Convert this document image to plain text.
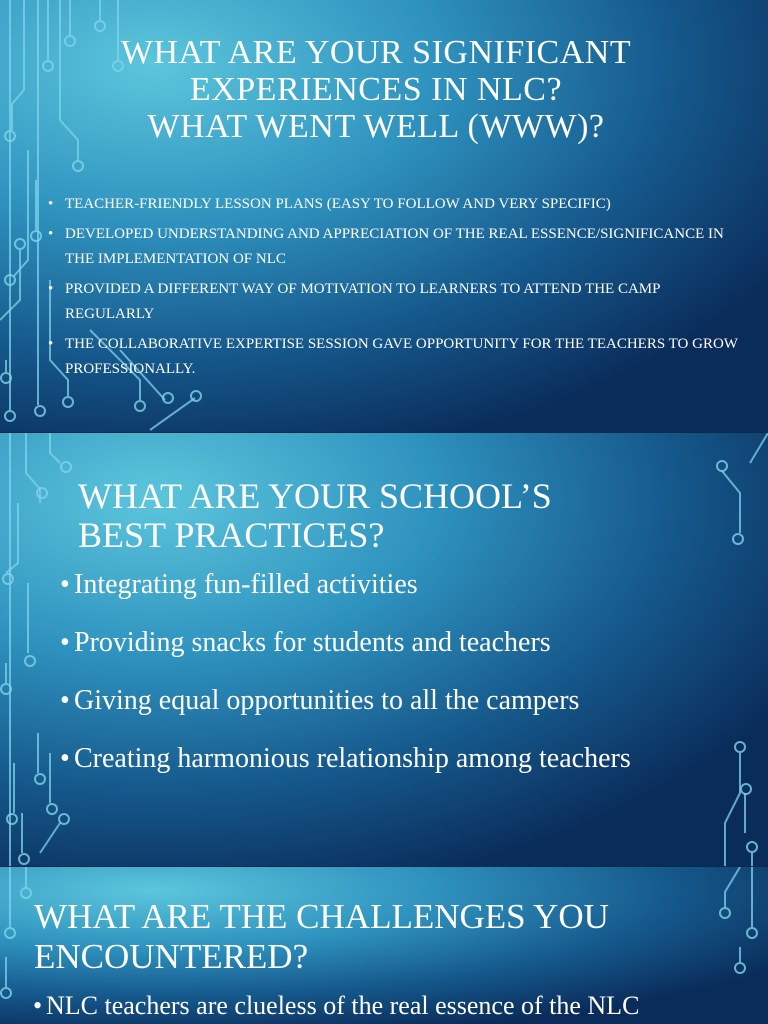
WHAT ARE YOUR SIGNIFICANT
EXPERIENCES IN NLC?
WHAT WENT WELL (WWW)?
• TEACHER-FRIENDLY LESSON PLANS (EASY TO FOLLOW AND VERY SPECIFIC)
• DEVELOPED UNDERSTANDING AND APPRECIATION OF THE REAL ESSENCE/SIGNIFICANCE IN THE IMPLEMENTATION OF NLC
• PROVIDED A DIFFERENT WAY OF MOTIVATION TO LEARNERS TO ATTEND THE CAMP REGULARLY
• THE COLLABORATIVE EXPERTISE SESSION GAVE OPPORTUNITY FOR THE TEACHERS TO GROW PROFESSIONALLY.
WHAT ARE YOUR SCHOOL’S
BEST PRACTICES?
• Integrating fun-filled activities
• Providing snacks for students and teachers
• Giving equal opportunities to all the campers
• Creating harmonious relationship among teachers
WHAT ARE THE CHALLENGES YOU
ENCOUNTERED?
• NLC teachers are clueless of the real essence of the NLC
